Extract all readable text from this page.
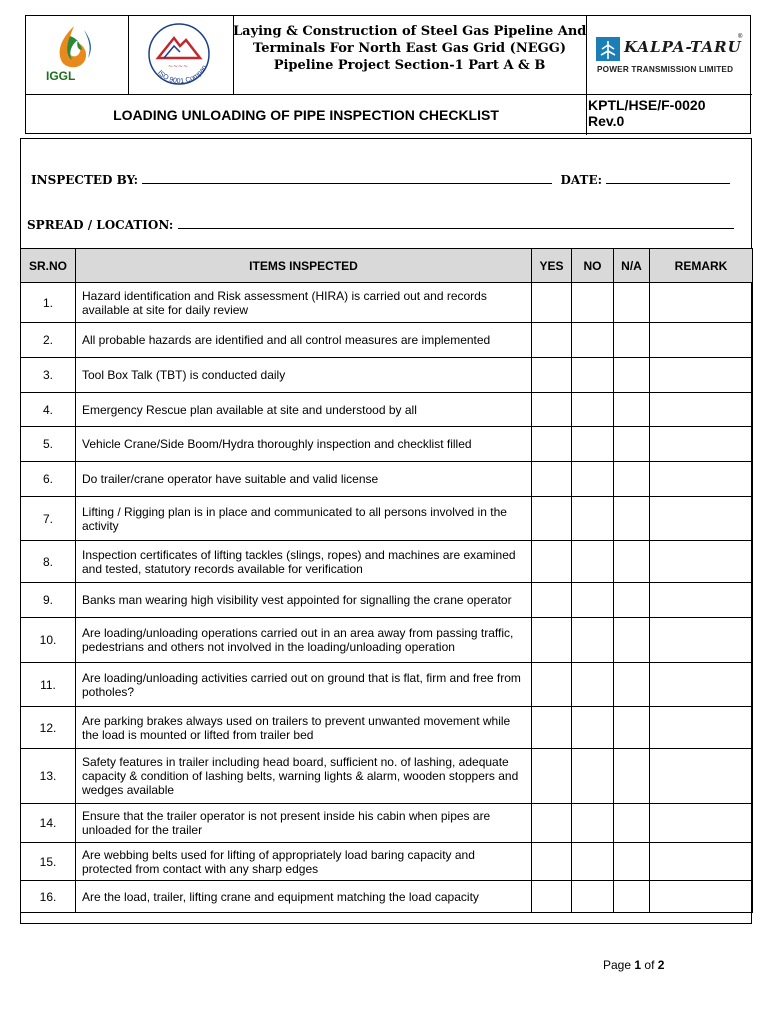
IGGL
~~~~
ISO 9001 Compan
Laying & Construction of Steel Gas Pipeline And
Terminals For North East Gas Grid (NEGG)
Pipeline Project Section-1 Part A & B
KALPA-TARU
®
POWER TRANSMISSION LIMITED
LOADING UNLOADING OF PIPE INSPECTION CHECKLIST
KPTL/HSE/F-0020
Rev.0
INSPECTED BY:	DATE:
SPREAD / LOCATION:
SR.NO	ITEMS INSPECTED	YES	NO	N/A	REMARK
1.	Hazard identification and Risk assessment (HIRA) is carried out and records available at site for daily review				
2.	All probable hazards are identified and all control measures are implemented				
3.	Tool Box Talk (TBT) is conducted daily				
4.	Emergency Rescue plan available at site and understood by all				
5.	Vehicle Crane/Side Boom/Hydra thoroughly inspection and checklist filled				
6.	Do trailer/crane operator have suitable and valid license				
7.	Lifting / Rigging plan is in place and communicated to all persons involved in the activity				
8.	Inspection certificates of lifting tackles (slings, ropes) and machines are examined and tested, statutory records available for verification				
9.	Banks man wearing high visibility vest appointed for signalling the crane operator				
10.	Are loading/unloading operations carried out in an area away from passing traffic, pedestrians and others not involved in the loading/unloading operation				
11.	Are loading/unloading activities carried out on ground that is flat, firm and free from potholes?				
12.	Are parking brakes always used on trailers to prevent unwanted movement while the load is mounted or lifted from trailer bed				
13.	Safety features in trailer including head board, sufficient no. of lashing, adequate capacity & condition of lashing belts, warning lights & alarm, wooden stoppers and wedges available				
14.	Ensure that the trailer operator is not present inside his cabin when pipes are unloaded for the trailer				
15.	Are webbing belts used for lifting of appropriately load baring capacity and protected from contact with any sharp edges				
16.	Are the load, trailer, lifting crane and equipment matching the load capacity				
Page 1 of 2
